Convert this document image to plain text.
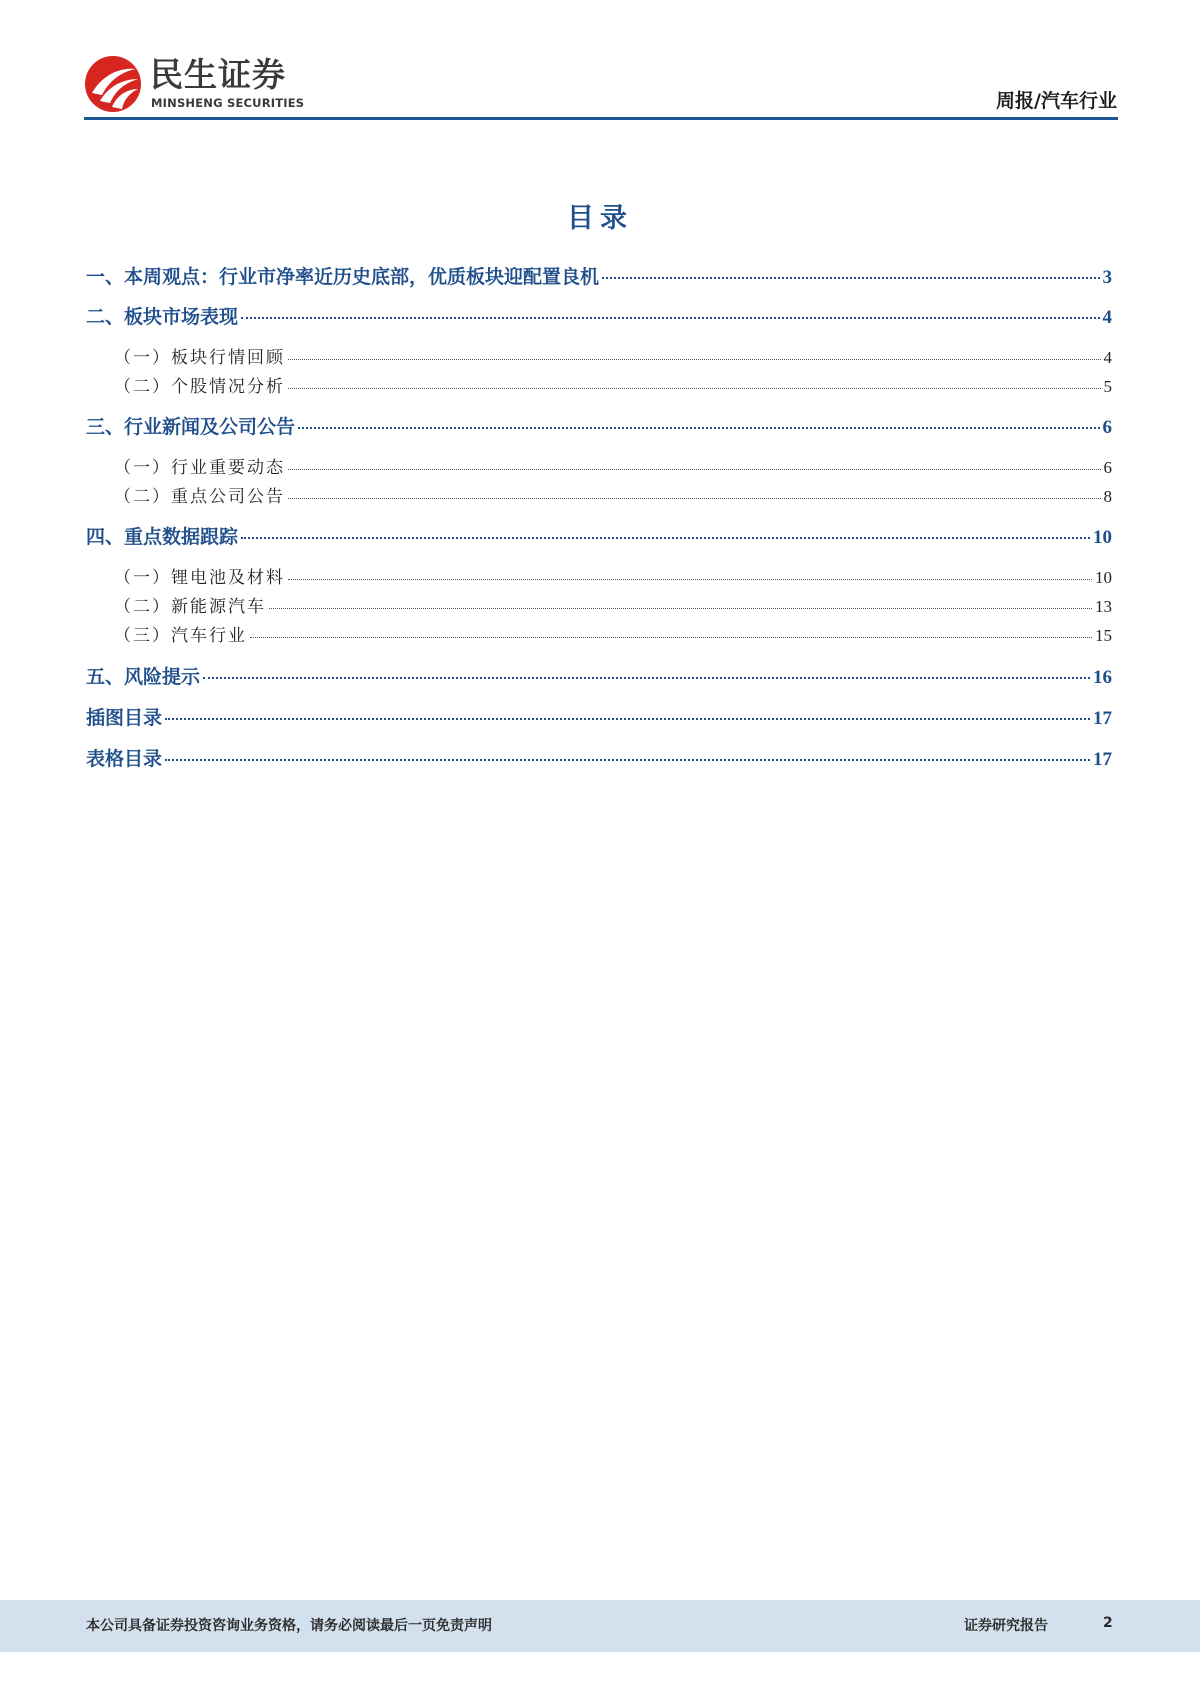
民生证券
MINSHENG SECURITIES	周报/汽车行业
目录
一、本周观点：行业市净率近历史底部，优质板块迎配置良机	3
二、板块市场表现	4
（一）板块行情回顾	4
（二）个股情况分析	5
三、行业新闻及公司公告	6
（一）行业重要动态	6
（二）重点公司公告	8
四、重点数据跟踪	10
（一）锂电池及材料	10
（二）新能源汽车	13
（三）汽车行业	15
五、风险提示	16
插图目录	17
表格目录	17
本公司具备证券投资咨询业务资格，请务必阅读最后一页免责声明	证券研究报告	2
